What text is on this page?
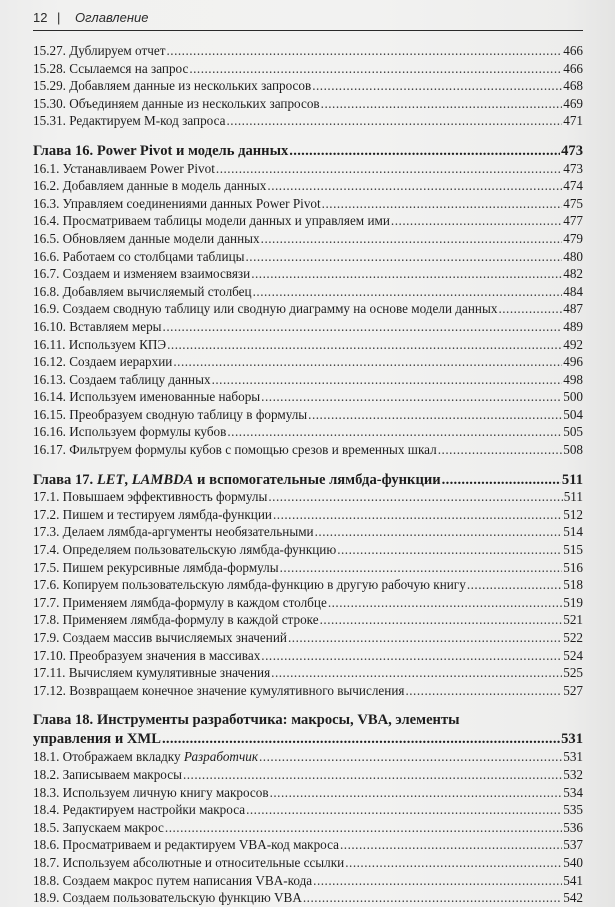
12 | Оглавление
15.27. Дублируем отчет .....	466
15.28. Ссылаемся на запрос .....	466
15.29. Добавляем данные из нескольких запросов .....	468
15.30. Объединяем данные из нескольких запросов .....	469
15.31. Редактируем M-код запроса .....	471
Глава 16. Power Pivot и модель данных .....	473
16.1. Устанавливаем Power Pivot .....	473
16.2. Добавляем данные в модель данных .....	474
16.3. Управляем соединениями данных Power Pivot .....	475
16.4. Просматриваем таблицы модели данных и управляем ими .....	477
16.5. Обновляем данные модели данных .....	479
16.6. Работаем со столбцами таблицы .....	480
16.7. Создаем и изменяем взаимосвязи .....	482
16.8. Добавляем вычисляемый столбец .....	484
16.9. Создаем сводную таблицу или сводную диаграмму на основе модели данных .....	487
16.10. Вставляем меры .....	489
16.11. Используем КПЭ .....	492
16.12. Создаем иерархии .....	496
16.13. Создаем таблицу данных .....	498
16.14. Используем именованные наборы .....	500
16.15. Преобразуем сводную таблицу в формулы .....	504
16.16. Используем формулы кубов .....	505
16.17. Фильтруем формулы кубов с помощью срезов и временных шкал .....	508
Глава 17. LET, LAMBDA и вспомогательные лямбда-функции .....	511
17.1. Повышаем эффективность формулы .....	511
17.2. Пишем и тестируем лямбда-функции .....	512
17.3. Делаем лямбда-аргументы необязательными .....	514
17.4. Определяем пользовательскую лямбда-функцию .....	515
17.5. Пишем рекурсивные лямбда-формулы .....	516
17.6. Копируем пользовательскую лямбда-функцию в другую рабочую книгу .....	518
17.7. Применяем лямбда-формулу в каждом столбце .....	519
17.8. Применяем лямбда-формулу в каждой строке .....	521
17.9. Создаем массив вычисляемых значений .....	522
17.10. Преобразуем значения в массивах .....	524
17.11. Вычисляем кумулятивные значения .....	525
17.12. Возвращаем конечное значение кумулятивного вычисления .....	527
Глава 18. Инструменты разработчика: макросы, VBA, элементы
управления и XML .....	531
18.1. Отображаем вкладку Разработчик .....	531
18.2. Записываем макросы .....	532
18.3. Используем личную книгу макросов .....	534
18.4. Редактируем настройки макроса .....	535
18.5. Запускаем макрос .....	536
18.6. Просматриваем и редактируем VBA-код макроса .....	537
18.7. Используем абсолютные и относительные ссылки .....	540
18.8. Создаем макрос путем написания VBA-кода .....	541
18.9. Создаем пользовательскую функцию VBA .....	542
